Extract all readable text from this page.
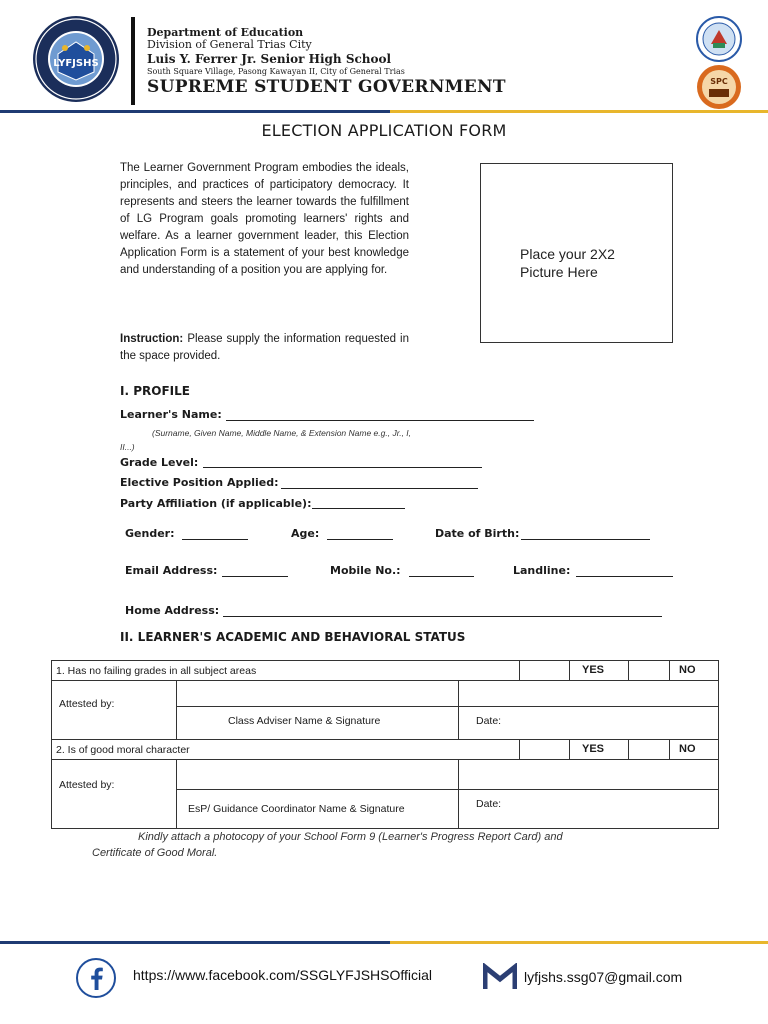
LYFJSHS
Department of Education
Division of General Trias City
Luis Y. Ferrer Jr. Senior High School
South Square Village, Pasong Kawayan II, City of General Trias
SUPREME STUDENT GOVERNMENT	SPC
ELECTION APPLICATION FORM
The Learner Government Program embodies the ideals, principles, and practices of participatory democracy. It represents and steers the learner towards the fulfillment of LG Program goals promoting learners' rights and welfare. As a learner government leader, this Election Application Form is a statement of your best knowledge and understanding of a position you are applying for.
Instruction: Please supply the information requested in the space provided.
Place your 2X2 Picture Here
I. PROFILE
Learner's Name:
(Surname, Given Name, Middle Name, & Extension Name e.g., Jr., I, II...)
Grade Level:
Elective Position Applied:
Party Affiliation (if applicable):
Gender:	Age:	Date of Birth:
Email Address:	Mobile No.:	Landline:
Home Address:
II. LEARNER'S ACADEMIC AND BEHAVIORAL STATUS
1. Has no failing grades in all subject areas	YES	NO
Attested by:
Class Adviser Name & Signature	Date:
2. Is of good moral character	YES	NO
Attested by:
EsP/ Guidance Coordinator Name & Signature	Date:
Kindly attach a photocopy of your School Form 9 (Learner's Progress Report Card) and
Certificate of Good Moral.
https://www.facebook.com/SSGLYFJSHSOfficial	lyfjshs.ssg07@gmail.com
